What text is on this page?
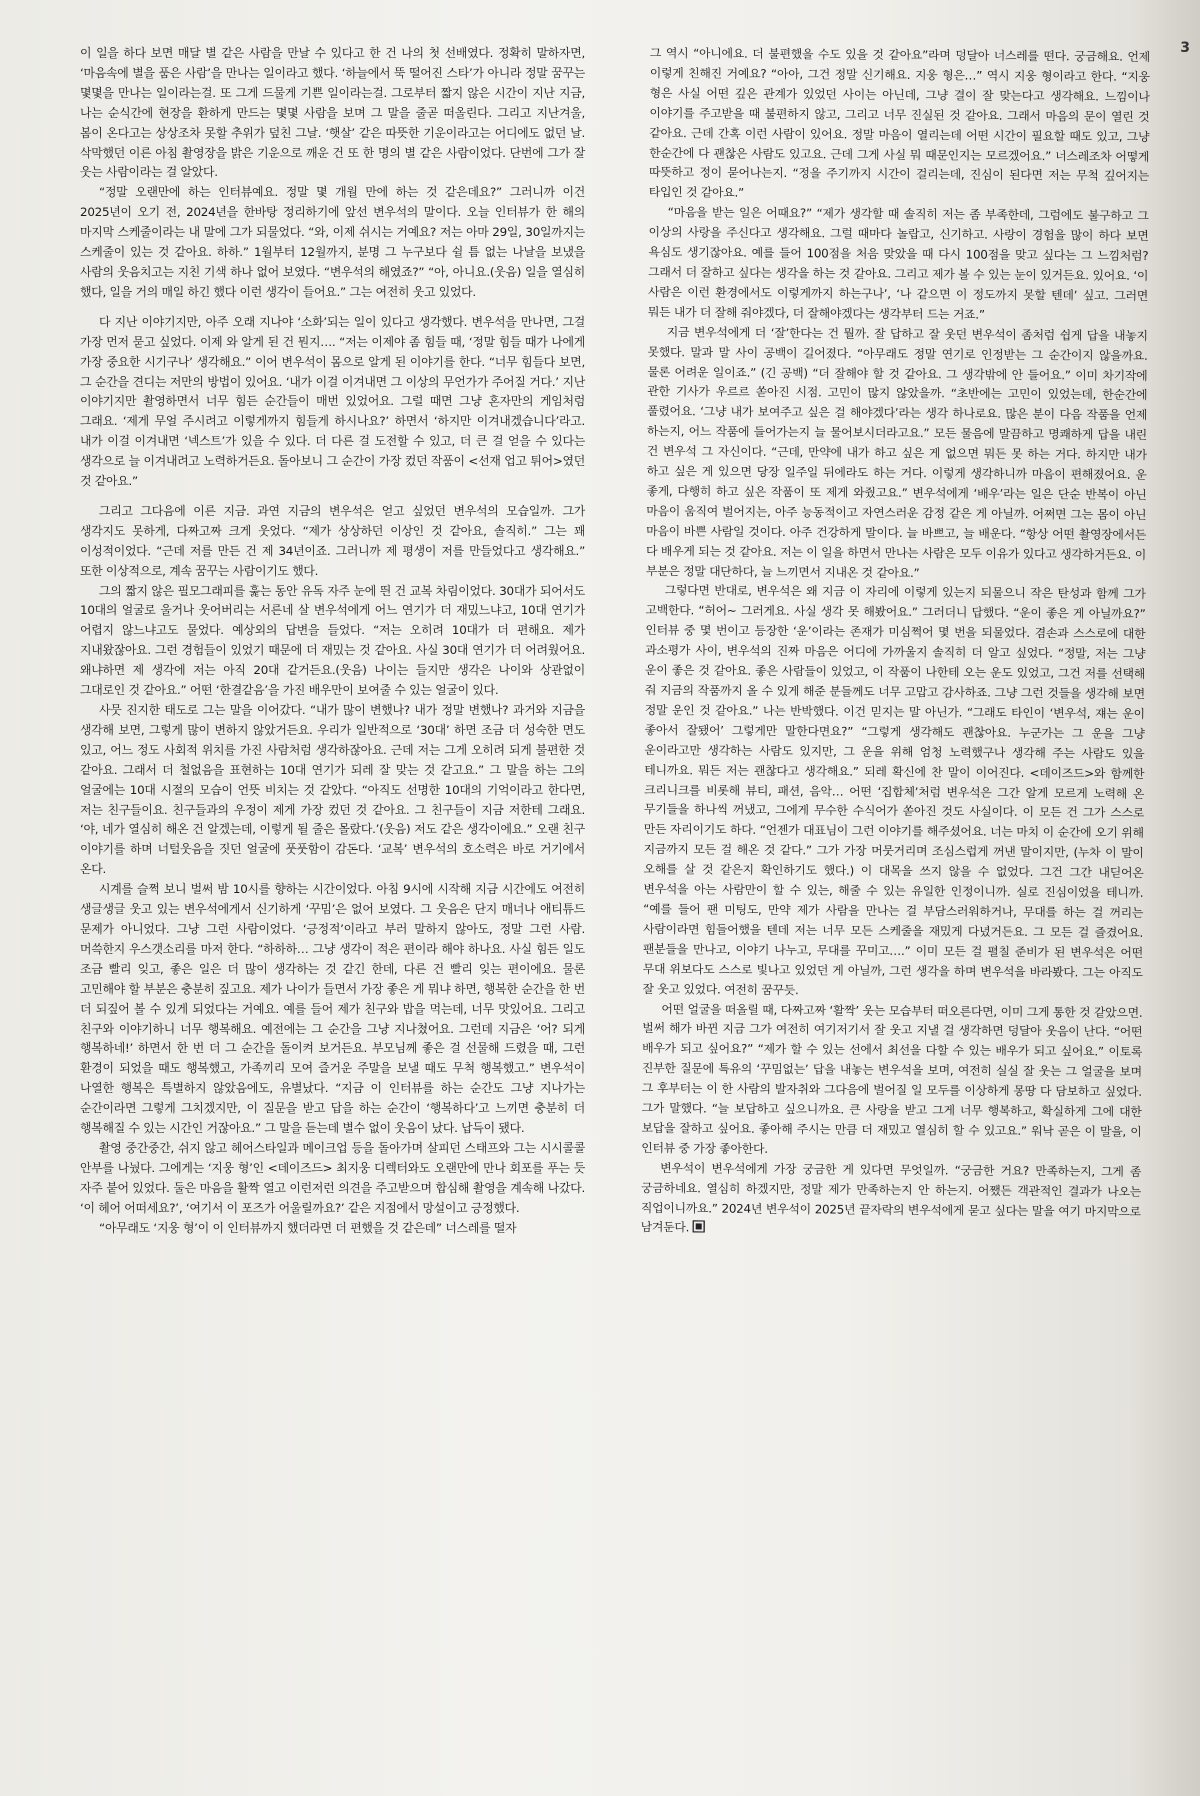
3

이 일을 하다 보면 매달 별 같은 사람을 만날 수 있다고 한 건 나의 첫 선배였다. 정확히 말하자면, ‘마음속에 별을 품은 사람’을 만나는 일이라고 했다. ‘하늘에서 뚝 떨어진 스타’가 아니라 정말 꿈꾸는 몇몇을 만나는 일이라는걸. 또 그게 드물게 기쁜 일이라는걸. 그로부터 짧지 않은 시간이 지난 지금, 나는 순식간에 현장을 환하게 만드는 몇몇 사람을 보며 그 말을 줄곧 떠올린다. 그리고 지난겨울, 봄이 온다고는 상상조차 못할 추위가 덮친 그날. ‘햇살’ 같은 따뜻한 기운이라고는 어디에도 없던 날. 삭막했던 이른 아침 촬영장을 밝은 기운으로 깨운 건 또 한 명의 별 같은 사람이었다. 단번에 그가 잘 웃는 사람이라는 걸 알았다.

“정말 오랜만에 하는 인터뷰예요. 정말 몇 개월 만에 하는 것 같은데요?” 그러니까 이건 2025년이 오기 전, 2024년을 한바탕 정리하기에 앞선 변우석의 말이다. 오늘 인터뷰가 한 해의 마지막 스케줄이라는 내 말에 그가 되물었다. “와, 이제 쉬시는 거예요? 저는 아마 29일, 30일까지는 스케줄이 있는 것 같아요. 하하.” 1월부터 12월까지, 분명 그 누구보다 쉴 틈 없는 나날을 보냈을 사람의 웃음치고는 지친 기색 하나 없어 보였다. “변우석의 해였죠?” “아, 아니요.(웃음) 일을 열심히 했다, 일을 거의 매일 하긴 했다 이런 생각이 들어요.” 그는 여전히 웃고 있었다.

다 지난 이야기지만, 아주 오래 지나야 ‘소화’되는 일이 있다고 생각했다. 변우석을 만나면, 그걸 가장 먼저 묻고 싶었다. 이제 와 알게 된 건 뭔지…. “저는 이제야 좀 힘들 때, ‘정말 힘들 때가 나에게 가장 중요한 시기구나’ 생각해요.” 이어 변우석이 몸으로 알게 된 이야기를 한다. “너무 힘들다 보면, 그 순간을 견디는 저만의 방법이 있어요. ‘내가 이걸 이겨내면 그 이상의 무언가가 주어질 거다.’ 지난 이야기지만 촬영하면서 너무 힘든 순간들이 매번 있었어요. 그럴 때면 그냥 혼자만의 게임처럼 그래요. ‘제게 무얼 주시려고 이렇게까지 힘들게 하시나요?’ 하면서 ‘하지만 이겨내겠습니다’라고. 내가 이걸 이겨내면 ‘넥스트’가 있을 수 있다. 더 다른 걸 도전할 수 있고, 더 큰 걸 얻을 수 있다는 생각으로 늘 이겨내려고 노력하거든요. 돌아보니 그 순간이 가장 컸던 작품이 <선재 업고 튀어>였던 것 같아요.”

그리고 그다음에 이른 지금. 과연 지금의 변우석은 얻고 싶었던 변우석의 모습일까. 그가 생각지도 못하게, 다짜고짜 크게 웃었다. “제가 상상하던 이상인 것 같아요, 솔직히.” 그는 꽤 이성적이었다. “근데 저를 만든 건 제 34년이죠. 그러니까 제 평생이 저를 만들었다고 생각해요.” 또한 이상적으로, 계속 꿈꾸는 사람이기도 했다.

그의 짧지 않은 필모그래피를 훑는 동안 유독 자주 눈에 띈 건 교복 차림이었다. 30대가 되어서도 10대의 얼굴로 울거나 웃어버리는 서른네 살 변우석에게 어느 연기가 더 재밌느냐고, 10대 연기가 어렵지 않느냐고도 물었다. 예상외의 답변을 들었다. “저는 오히려 10대가 더 편해요. 제가 지내왔잖아요. 그런 경험들이 있었기 때문에 더 재밌는 것 같아요. 사실 30대 연기가 더 어려웠어요. 왜냐하면 제 생각에 저는 아직 20대 같거든요.(웃음) 나이는 들지만 생각은 나이와 상관없이 그대로인 것 같아요.” 어떤 ‘한결같음’을 가진 배우만이 보여줄 수 있는 얼굴이 있다.

사뭇 진지한 태도로 그는 말을 이어갔다. “내가 많이 변했나? 내가 정말 변했나? 과거와 지금을 생각해 보면, 그렇게 많이 변하지 않았거든요. 우리가 일반적으로 ‘30대’ 하면 조금 더 성숙한 면도 있고, 어느 정도 사회적 위치를 가진 사람처럼 생각하잖아요. 근데 저는 그게 오히려 되게 불편한 것 같아요. 그래서 더 철없음을 표현하는 10대 연기가 되레 잘 맞는 것 같고요.” 그 말을 하는 그의 얼굴에는 10대 시절의 모습이 언뜻 비치는 것 같았다. “아직도 선명한 10대의 기억이라고 한다면, 저는 친구들이요. 친구들과의 우정이 제게 가장 컸던 것 같아요. 그 친구들이 지금 저한테 그래요. ‘야, 네가 열심히 해온 건 알겠는데, 이렇게 될 줄은 몰랐다.’(웃음) 저도 같은 생각이에요.” 오랜 친구 이야기를 하며 너털웃음을 짓던 얼굴에 풋풋함이 감돈다. ‘교복’ 변우석의 호소력은 바로 거기에서 온다.

시계를 슬쩍 보니 벌써 밤 10시를 향하는 시간이었다. 아침 9시에 시작해 지금 시간에도 여전히 생글생글 웃고 있는 변우석에게서 신기하게 ‘꾸밈’은 없어 보였다. 그 웃음은 단지 매너나 애티튜드 문제가 아니었다. 그냥 그런 사람이었다. ‘긍정적’이라고 부러 말하지 않아도, 정말 그런 사람. 머쓱한지 우스갯소리를 마저 한다. “하하하… 그냥 생각이 적은 편이라 해야 하나요. 사실 힘든 일도 조금 빨리 잊고, 좋은 일은 더 많이 생각하는 것 같긴 한데, 다른 건 빨리 잊는 편이에요. 물론 고민해야 할 부분은 충분히 짚고요. 제가 나이가 들면서 가장 좋은 게 뭐냐 하면, 행복한 순간을 한 번 더 되짚어 볼 수 있게 되었다는 거예요. 예를 들어 제가 친구와 밥을 먹는데, 너무 맛있어요. 그리고 친구와 이야기하니 너무 행복해요. 예전에는 그 순간을 그냥 지나쳤어요. 그런데 지금은 ‘어? 되게 행복하네!’ 하면서 한 번 더 그 순간을 돌이켜 보거든요. 부모님께 좋은 걸 선물해 드렸을 때, 그런 환경이 되었을 때도 행복했고, 가족끼리 모여 즐거운 주말을 보낼 때도 무척 행복했고.” 변우석이 나열한 행복은 특별하지 않았음에도, 유별났다. “지금 이 인터뷰를 하는 순간도 그냥 지나가는 순간이라면 그렇게 그치겠지만, 이 질문을 받고 답을 하는 순간이 ‘행복하다’고 느끼면 충분히 더 행복해질 수 있는 시간인 거잖아요.” 그 말을 듣는데 별수 없이 웃음이 났다. 납득이 됐다.

촬영 중간중간, 쉬지 않고 헤어스타일과 메이크업 등을 돌아가며 살피던 스태프와 그는 시시콜콜 안부를 나눴다. 그에게는 ‘지웅 형’인 <데이즈드> 최지웅 디렉터와도 오랜만에 만나 회포를 푸는 듯 자주 붙어 있었다. 둘은 마음을 활짝 열고 이런저런 의견을 주고받으며 합심해 촬영을 계속해 나갔다. ‘이 헤어 어떠세요?’, ‘여기서 이 포즈가 어울릴까요?’ 같은 지점에서 망설이고 긍정했다.

“아무래도 ‘지웅 형’이 이 인터뷰까지 했더라면 더 편했을 것 같은데” 너스레를 떨자

그 역시 “아니에요. 더 불편했을 수도 있을 것 같아요”라며 덩달아 너스레를 떤다. 궁금해요. 언제 이렇게 친해진 거예요? “아아, 그건 정말 신기해요. 지웅 형은…” 역시 지웅 형이라고 한다. “지웅 형은 사실 어떤 깊은 관계가 있었던 사이는 아닌데, 그냥 결이 잘 맞는다고 생각해요. 느낌이나 이야기를 주고받을 때 불편하지 않고, 그리고 너무 진실된 것 같아요. 그래서 마음의 문이 열린 것 같아요. 근데 간혹 이런 사람이 있어요. 정말 마음이 열리는데 어떤 시간이 필요할 때도 있고, 그냥 한순간에 다 괜찮은 사람도 있고요. 근데 그게 사실 뭐 때문인지는 모르겠어요.” 너스레조차 어떻게 따뜻하고 정이 묻어나는지. “정을 주기까지 시간이 걸리는데, 진심이 된다면 저는 무척 깊어지는 타입인 것 같아요.”

“마음을 받는 일은 어때요?” “제가 생각할 때 솔직히 저는 좀 부족한데, 그럼에도 불구하고 그 이상의 사랑을 주신다고 생각해요. 그럴 때마다 놀랍고, 신기하고. 사랑이 경험을 많이 하다 보면 욕심도 생기잖아요. 예를 들어 100점을 처음 맞았을 때 다시 100점을 맞고 싶다는 그 느낌처럼? 그래서 더 잘하고 싶다는 생각을 하는 것 같아요. 그리고 제가 볼 수 있는 눈이 있거든요. 있어요. ‘이 사람은 이런 환경에서도 이렇게까지 하는구나’, ‘나 같으면 이 정도까지 못할 텐데’ 싶고. 그러면 뭐든 내가 더 잘해 줘야겠다, 더 잘해야겠다는 생각부터 드는 거죠.”

지금 변우석에게 더 ‘잘’한다는 건 뭘까. 잘 답하고 잘 웃던 변우석이 좀처럼 쉽게 답을 내놓지 못했다. 말과 말 사이 공백이 길어졌다. “아무래도 정말 연기로 인정받는 그 순간이지 않을까요. 물론 어려운 일이죠.” (긴 공백) “더 잘해야 할 것 같아요. 그 생각밖에 안 들어요.” 이미 차기작에 관한 기사가 우르르 쏟아진 시점. 고민이 많지 않았을까. “초반에는 고민이 있었는데, 한순간에 풀렸어요. ‘그냥 내가 보여주고 싶은 걸 해야겠다’라는 생각 하나로요. 많은 분이 다음 작품을 언제 하는지, 어느 작품에 들어가는지 늘 물어보시더라고요.” 모든 물음에 말끔하고 명쾌하게 답을 내린 건 변우석 그 자신이다. “근데, 만약에 내가 하고 싶은 게 없으면 뭐든 못 하는 거다. 하지만 내가 하고 싶은 게 있으면 당장 일주일 뒤에라도 하는 거다. 이렇게 생각하니까 마음이 편해졌어요. 운 좋게, 다행히 하고 싶은 작품이 또 제게 와줬고요.” 변우석에게 ‘배우’라는 일은 단순 반복이 아닌 마음이 움직여 벌어지는, 아주 능동적이고 자연스러운 감정 같은 게 아닐까. 어쩌면 그는 몸이 아닌 마음이 바쁜 사람일 것이다. 아주 건강하게 말이다. 늘 바쁘고, 늘 배운다. “항상 어떤 촬영장에서든 다 배우게 되는 것 같아요. 저는 이 일을 하면서 만나는 사람은 모두 이유가 있다고 생각하거든요. 이 부분은 정말 대단하다, 늘 느끼면서 지내온 것 같아요.”

그렇다면 반대로, 변우석은 왜 지금 이 자리에 이렇게 있는지 되물으니 작은 탄성과 함께 그가 고백한다. “허어~ 그러게요. 사실 생각 못 해봤어요.” 그러더니 답했다. “운이 좋은 게 아닐까요?” 인터뷰 중 몇 번이고 등장한 ‘운’이라는 존재가 미심쩍어 몇 번을 되물었다. 겸손과 스스로에 대한 과소평가 사이, 변우석의 진짜 마음은 어디에 가까울지 솔직히 더 알고 싶었다. “정말, 저는 그냥 운이 좋은 것 같아요. 좋은 사람들이 있었고, 이 작품이 나한테 오는 운도 있었고, 그건 저를 선택해 줘 지금의 작품까지 올 수 있게 해준 분들께도 너무 고맙고 감사하죠. 그냥 그런 것들을 생각해 보면 정말 운인 것 같아요.” 나는 반박했다. 이건 믿지는 말 아닌가. “그래도 타인이 ‘변우석, 쟤는 운이 좋아서 잘됐어’ 그렇게만 말한다면요?” “그렇게 생각해도 괜찮아요. 누군가는 그 운을 그냥 운이라고만 생각하는 사람도 있지만, 그 운을 위해 엄청 노력했구나 생각해 주는 사람도 있을 테니까요. 뭐든 저는 괜찮다고 생각해요.” 되레 확신에 찬 말이 이어진다. <데이즈드>와 함께한 크리니크를 비롯해 뷰티, 패션, 음악… 어떤 ‘집합체’처럼 변우석은 그간 알게 모르게 노력해 온 무기들을 하나씩 꺼냈고, 그에게 무수한 수식어가 쏟아진 것도 사실이다. 이 모든 건 그가 스스로 만든 자리이기도 하다. “언젠가 대표님이 그런 이야기를 해주셨어요. 너는 마치 이 순간에 오기 위해 지금까지 모든 걸 해온 것 같다.” 그가 가장 머뭇거리며 조심스럽게 꺼낸 말이지만, (누차 이 말이 오해를 살 것 같은지 확인하기도 했다.) 이 대목을 쓰지 않을 수 없었다. 그건 그간 내딛어온 변우석을 아는 사람만이 할 수 있는, 해줄 수 있는 유일한 인정이니까. 실로 진심이었을 테니까. “예를 들어 팬 미팅도, 만약 제가 사람을 만나는 걸 부담스러워하거나, 무대를 하는 걸 꺼리는 사람이라면 힘들어했을 텐데 저는 너무 모든 스케줄을 재밌게 다녔거든요. 그 모든 걸 즐겼어요. 팬분들을 만나고, 이야기 나누고, 무대를 꾸미고….” 이미 모든 걸 펼칠 준비가 된 변우석은 어떤 무대 위보다도 스스로 빛나고 있었던 게 아닐까, 그런 생각을 하며 변우석을 바라봤다. 그는 아직도 잘 웃고 있었다. 여전히 꿈꾸듯.

어떤 얼굴을 떠올릴 때, 다짜고짜 ‘활짝’ 웃는 모습부터 떠오른다면, 이미 그게 통한 것 같았으면. 벌써 해가 바뀐 지금 그가 여전히 여기저기서 잘 웃고 지낼 걸 생각하면 덩달아 웃음이 난다. “어떤 배우가 되고 싶어요?” “제가 할 수 있는 선에서 최선을 다할 수 있는 배우가 되고 싶어요.” 이토록 진부한 질문에 특유의 ‘꾸밈없는’ 답을 내놓는 변우석을 보며, 여전히 실실 잘 웃는 그 얼굴을 보며 그 후부터는 이 한 사람의 발자취와 그다음에 벌어질 일 모두를 이상하게 몽땅 다 담보하고 싶었다. 그가 말했다. “늘 보답하고 싶으니까요. 큰 사랑을 받고 그게 너무 행복하고, 확실하게 그에 대한 보답을 잘하고 싶어요. 좋아해 주시는 만큼 더 재밌고 열심히 할 수 있고요.” 워낙 곧은 이 말을, 이 인터뷰 중 가장 좋아한다.

변우석이 변우석에게 가장 궁금한 게 있다면 무엇일까. “궁금한 거요? 만족하는지, 그게 좀 궁금하네요. 열심히 하겠지만, 정말 제가 만족하는지 안 하는지. 어쨌든 객관적인 결과가 나오는 직업이니까요.” 2024년 변우석이 2025년 끝자락의 변우석에게 묻고 싶다는 말을 여기 마지막으로 남겨둔다.
